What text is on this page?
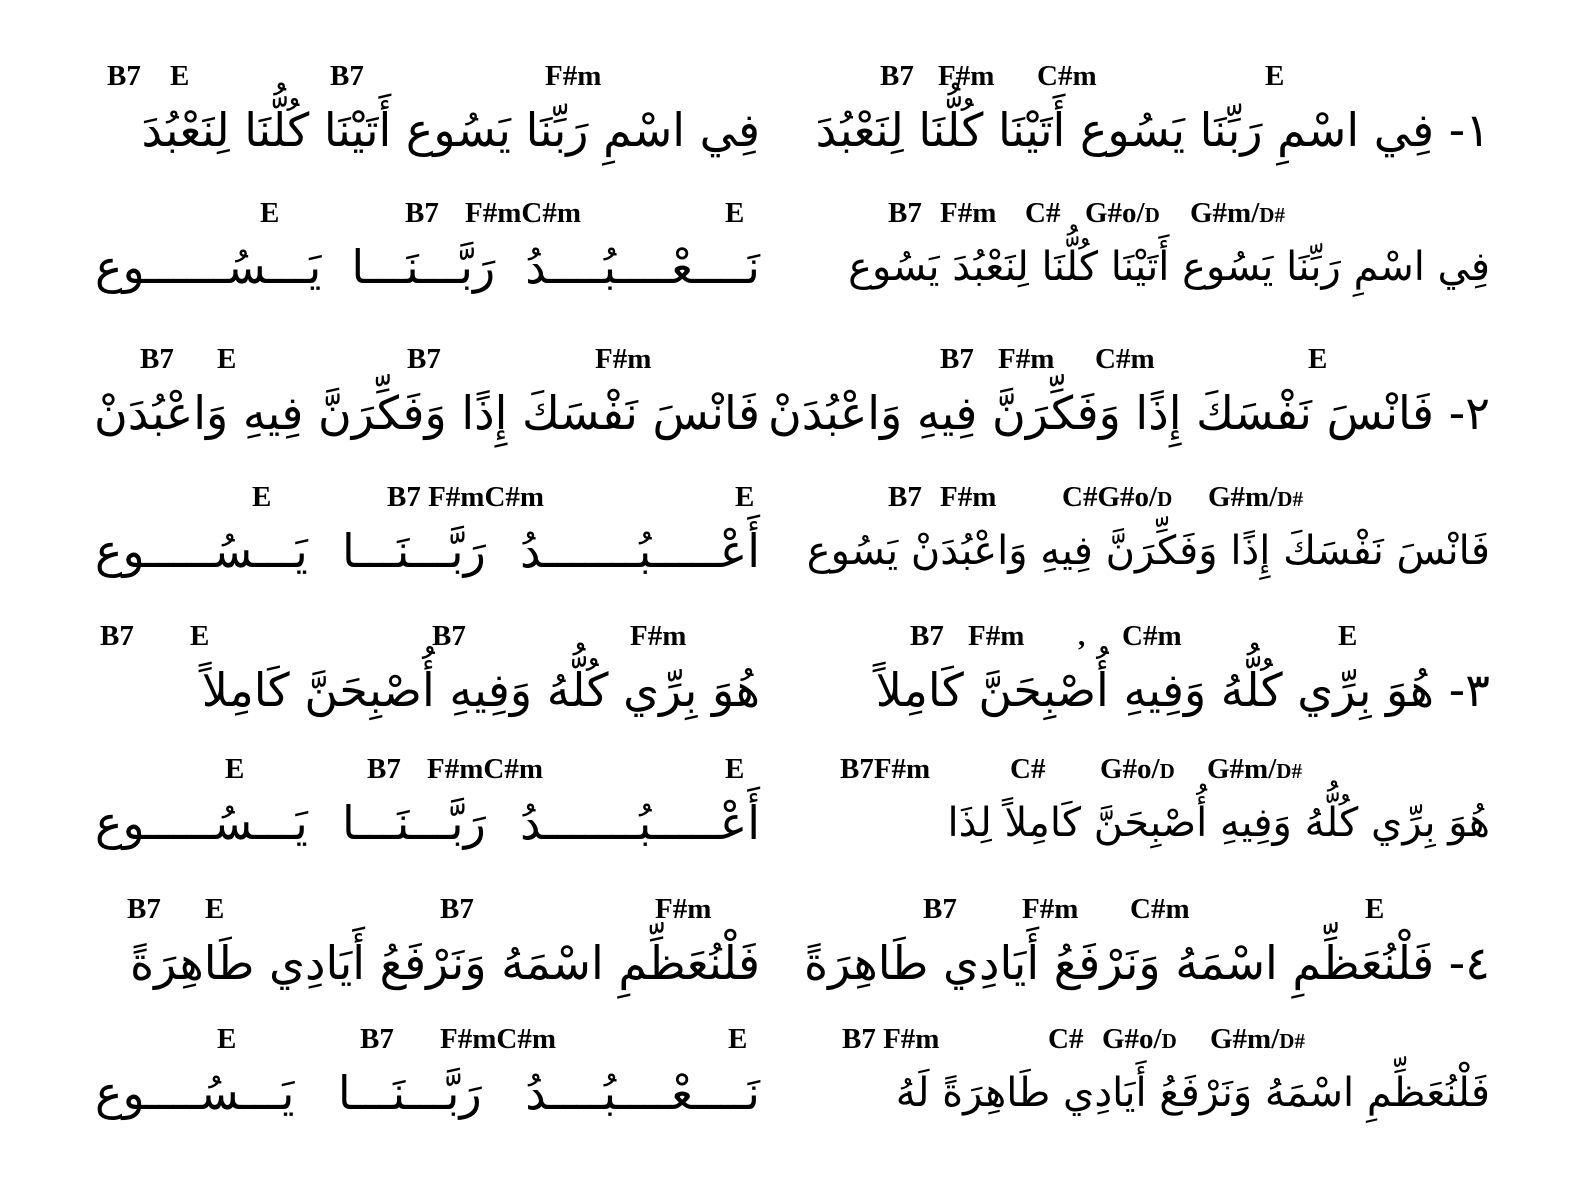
B7 F#m C#m	E
١- فِي اسْمِ رَبِّنَا يَسُوع أَتَيْنَا كُلُّنَا لِنَعْبُدَ
B7 F#m C# G#o/D G#m/D#
فِي اسْمِ رَبِّنَا يَسُوع أَتَيْنَا كُلُّنَا لِنَعْبُدَ يَسُوع
B7 F#m C#m	E
٢- فَانْسَ نَفْسَكَ إِذًا وَفَكِّرَنَّ فِيهِ وَاعْبُدَنْ
B7 F#m C#G#o/D G#m/D#
فَانْسَ نَفْسَكَ إِذًا وَفَكِّرَنَّ فِيهِ وَاعْبُدَنْ يَسُوع
B7 F#m , C#m	E
٣- هُوَ بِرِّي كُلُّهُ وَفِيهِ أُصْبِحَنَّ كَامِلاً
B7F#m	C# G#o/D G#m/D#
هُوَ بِرِّي كُلُّهُ وَفِيهِ أُصْبِحَنَّ كَامِلاً لِذَا
B7 F#m C#m	E
٤- فَلْنُعَظِّمِ اسْمَهُ وَنَرْفَعُ أَيَادِي طَاهِرَةً
B7 F#m	C# G#o/D G#m/D#
فَلْنُعَظِّمِ اسْمَهُ وَنَرْفَعُ أَيَادِي طَاهِرَةً لَهُ
B7 E	B7	F#m
فِي اسْمِ رَبِّنَا يَسُوع أَتَيْنَا كُلُّنَا لِنَعْبُدَ
E	B7 F#mC#m	E
نَــــعْــــبُــــدُ رَبَّـــنَـــا يَـــسُــــــوع
B7 E	B7	F#m
فَانْسَ نَفْسَكَ إِذًا وَفَكِّرَنَّ فِيهِ وَاعْبُدَنْ
E	B7 F#mC#m	E
أَعْـــــبُـــــــدُ رَبَّـــنَـــا يَـــسُـــــوع
B7 E	B7	F#m
هُوَ بِرِّي كُلُّهُ وَفِيهِ أُصْبِحَنَّ كَامِلاً
E	B7 F#mC#m	E
أَعْـــــبُـــــــدُ رَبَّـــنَـــا يَـــسُـــــوع
B7 E	B7	F#m
فَلْنُعَظِّمِ اسْمَهُ وَنَرْفَعُ أَيَادِي طَاهِرَةً
E	B7 F#mC#m	E
نَــــعْــــبُــــدُ رَبَّـــنَـــا يَـــسُــــوع
